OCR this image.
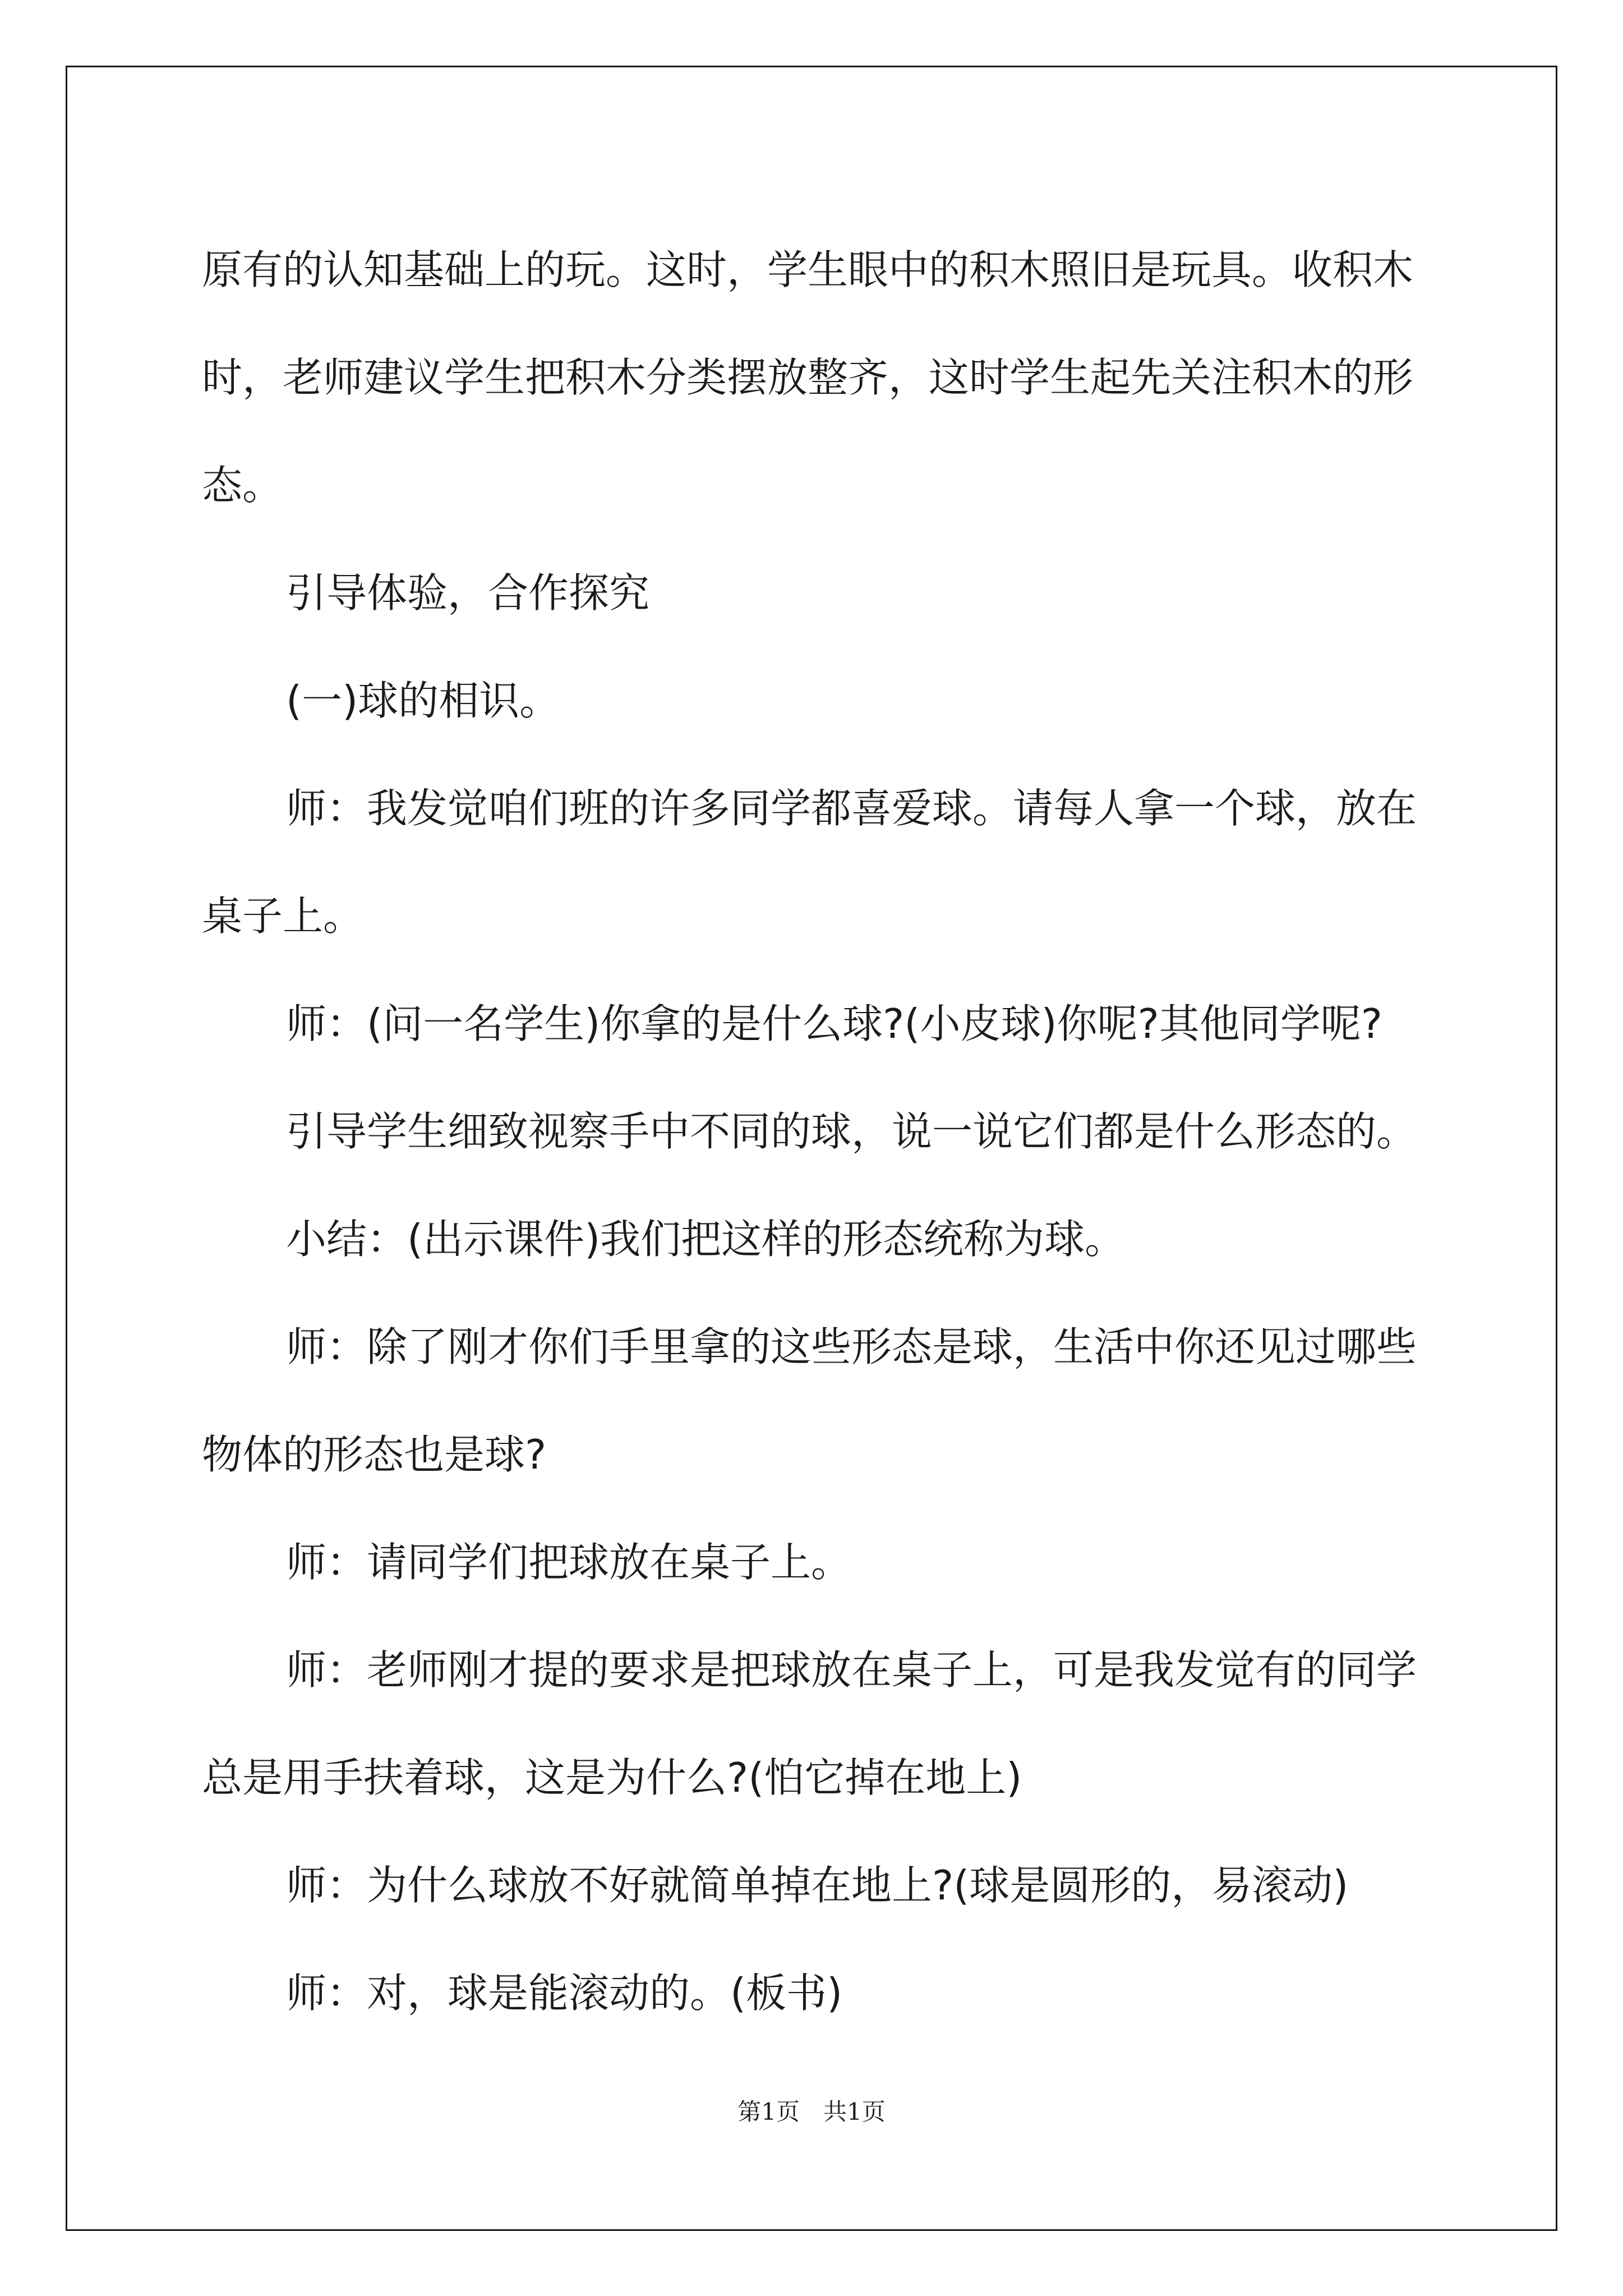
原有的认知基础上的玩。这时，学生眼中的积木照旧是玩具。收积木时，老师建议学生把积木分类摆放整齐，这时学生起先关注积木的形态。

引导体验，合作探究

(一)球的相识。

师：我发觉咱们班的许多同学都喜爱球。请每人拿一个球，放在桌子上。

师：(问一名学生)你拿的是什么球?(小皮球)你呢?其他同学呢?

引导学生细致视察手中不同的球，说一说它们都是什么形态的。

小结：(出示课件)我们把这样的形态统称为球。

师：除了刚才你们手里拿的这些形态是球，生活中你还见过哪些物体的形态也是球?

师：请同学们把球放在桌子上。

师：老师刚才提的要求是把球放在桌子上，可是我发觉有的同学总是用手扶着球，这是为什么?(怕它掉在地上)

师：为什么球放不好就简单掉在地上?(球是圆形的，易滚动)

师：对，球是能滚动的。(板书)

第1页　共1页
